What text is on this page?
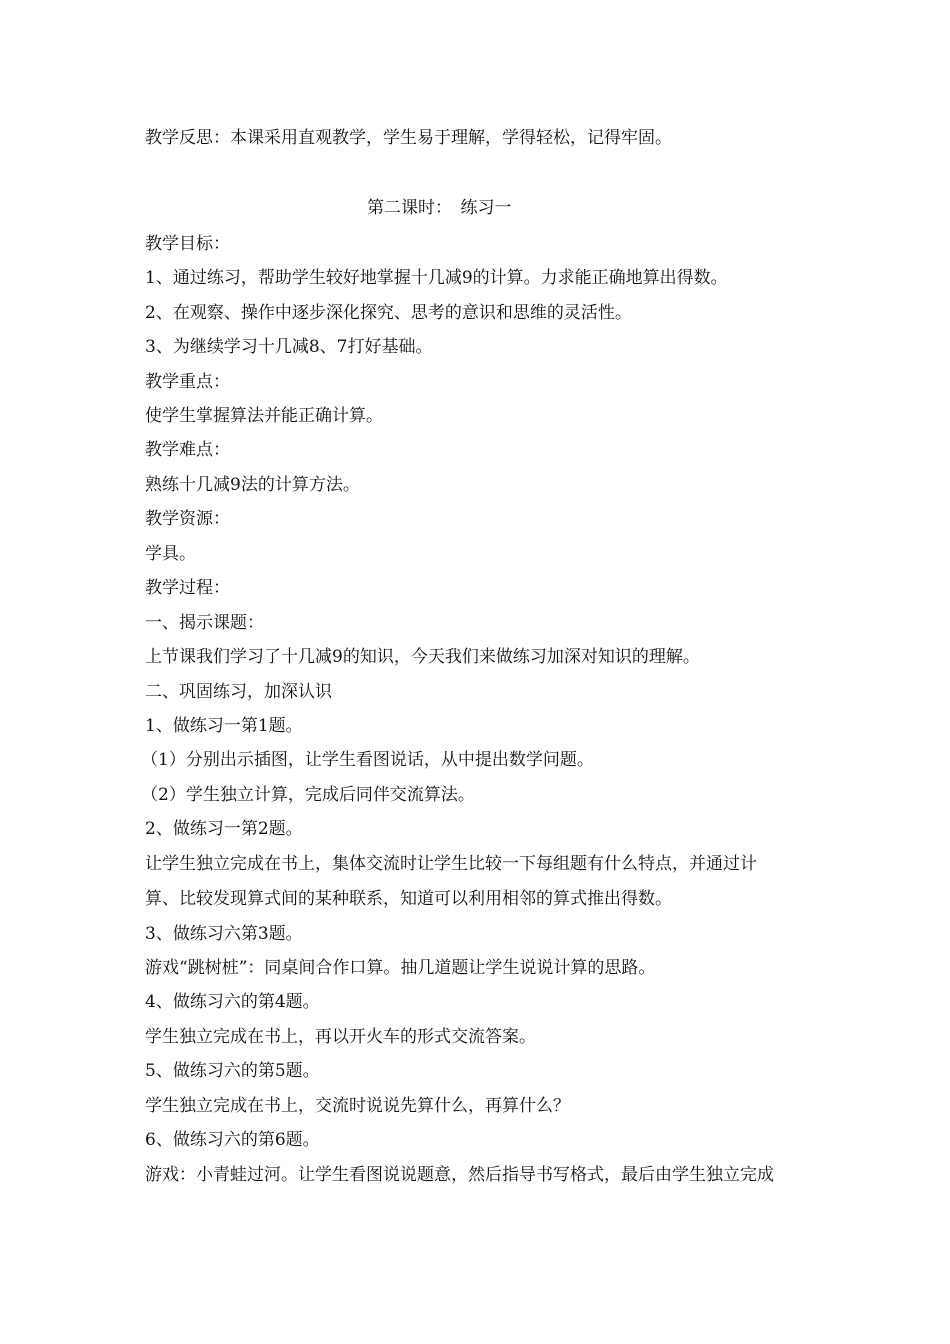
教学反思：本课采用直观教学，学生易于理解，学得轻松，记得牢固。
第二课时：　练习一
教学目标：
1、通过练习，帮助学生较好地掌握十几减9的计算。力求能正确地算出得数。
2、在观察、操作中逐步深化探究、思考的意识和思维的灵活性。
3、为继续学习十几减8、7打好基础。
教学重点：
使学生掌握算法并能正确计算。
教学难点：
熟练十几减9法的计算方法。
教学资源：
学具。
教学过程：
一、揭示课题：
上节课我们学习了十几减9的知识，今天我们来做练习加深对知识的理解。
二、巩固练习，加深认识
1、做练习一第1题。
（1）分别出示插图，让学生看图说话，从中提出数学问题。
（2）学生独立计算，完成后同伴交流算法。
2、做练习一第2题。
让学生独立完成在书上，集体交流时让学生比较一下每组题有什么特点，并通过计
算、比较发现算式间的某种联系，知道可以利用相邻的算式推出得数。
3、做练习六第3题。
游戏“跳树桩”：同桌间合作口算。抽几道题让学生说说计算的思路。
4、做练习六的第4题。
学生独立完成在书上，再以开火车的形式交流答案。
5、做练习六的第5题。
学生独立完成在书上，交流时说说先算什么，再算什么？
6、做练习六的第6题。
游戏：小青蛙过河。让学生看图说说题意，然后指导书写格式，最后由学生独立完成
